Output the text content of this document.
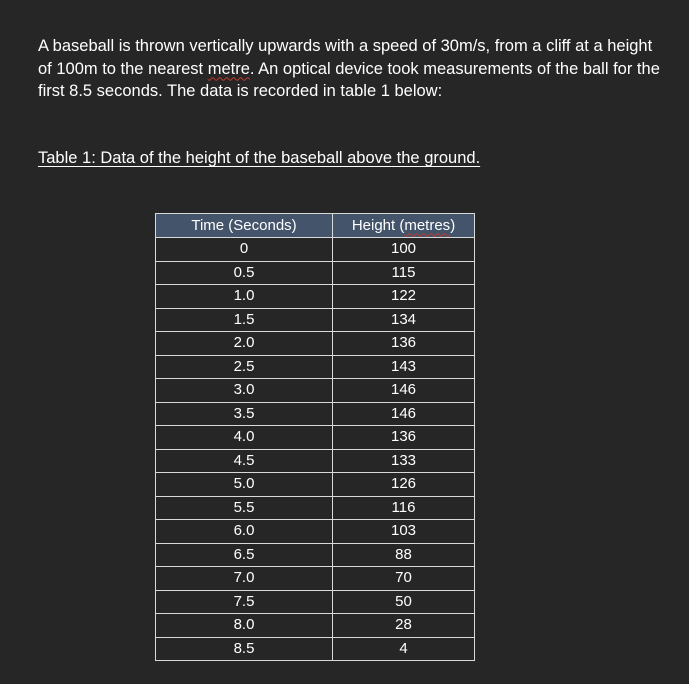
A baseball is thrown vertically upwards with a speed of 30m/s, from a cliff at a height of 100m to the nearest metre. An optical device took measurements of the ball for the first 8.5 seconds. The data is recorded in table 1 below:

Table 1: Data of the height of the baseball above the ground.

Time (Seconds)	Height (metres)
0	100
0.5	115
1.0	122
1.5	134
2.0	136
2.5	143
3.0	146
3.5	146
4.0	136
4.5	133
5.0	126
5.5	116
6.0	103
6.5	88
7.0	70
7.5	50
8.0	28
8.5	4
